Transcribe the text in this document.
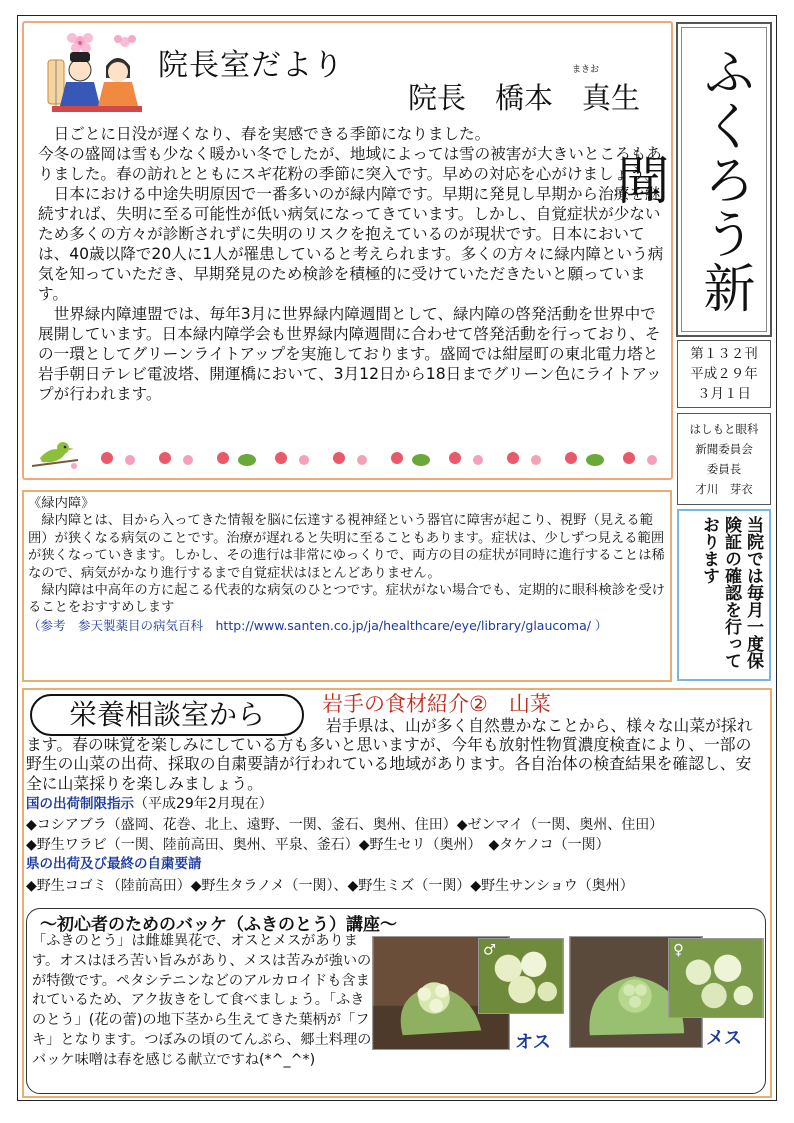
院長室だより	まきお
院長　 橋本　真生

日ごとに日没が遅くなり、春を実感できる季節になりました。

今冬の盛岡は雪も少なく暖かい冬でしたが、地域によっては雪の被害が大きいところもありました。春の訪れとともにスギ花粉の季節に突入です。早めの対応を心がけましょう。

日本における中途失明原因で一番多いのが緑内障です。早期に発見し早期から治療を継続すれば、失明に至る可能性が低い病気になってきています。しかし、自覚症状が少ないため多くの方々が診断されずに失明のリスクを抱えているのが現状です。日本においては、40歳以降で20人に1人が罹患していると考えられます。多くの方々に緑内障という病気を知っていただき、早期発見のため検診を積極的に受けていただきたいと願っています。

世界緑内障連盟では、毎年3月に世界緑内障週間として、緑内障の啓発活動を世界中で展開しています。日本緑内障学会も世界緑内障週間に合わせて啓発活動を行っており、その一環としてグリーンライトアップを実施しております。盛岡では紺屋町の東北電力塔と岩手朝日テレビ電波塔、開運橋において、3月12日から18日までグリーン色にライトアップが行われます。

ふくろう新聞
第１３２刊
平成２９年
３月１日
はしもと眼科
新聞委員会
委員長
才川　芽衣
当院では毎月一度保険証の確認を行っております

《緑内障》

緑内障とは、目から入ってきた情報を脳に伝達する視神経という器官に障害が起こり、視野（見える範囲）が狭くなる病気のことです。治療が遅れると失明に至ることもあります。症状は、少しずつ見える範囲が狭くなっていきます。しかし、その進行は非常にゆっくりで、両方の目の症状が同時に進行することは稀なので、病気がかなり進行するまで自覚症状はほとんどありません。

緑内障は中高年の方に起こる代表的な病気のひとつです。症状がない場合でも、定期的に眼科検診を受けることをおすすめします

（参考　参天製薬目の病気百科　http://www.santen.co.jp/ja/healthcare/eye/library/glaucoma/ ）

栄養相談室から	岩手の食材紹介②　山菜

岩手県は、山が多く自然豊かなことから、様々な山菜が採れます。春の味覚を楽しみにしている方も多いと思いますが、今年も放射性物質濃度検査により、一部の野生の山菜の出荷、採取の自粛要請が行われている地域があります。各自治体の検査結果を確認し、安全に山菜採りを楽しみましょう。

国の出荷制限指示（平成29年2月現在）
◆コシアブラ（盛岡、花巻、北上、遠野、一関、釜石、奥州、住田）◆ゼンマイ（一関、奥州、住田）
◆野生ワラビ（一関、陸前高田、奥州、平泉、釜石）◆野生セリ（奥州）　◆タケノコ（一関）
県の出荷及び最終の自粛要請
◆野生コゴミ（陸前高田）◆野生タラノメ（一関）、◆野生ミズ（一関）◆野生サンショウ（奥州）
～初心者のためのバッケ（ふきのとう）講座～

「ふきのとう」は雌雄異花で、オスとメスがあります。オスはほろ苦い旨みがあり、メスは苦みが強いのが特徴です。ペタシテニンなどのアルカロイドも含まれているため、アク抜きをして食べましょう。「ふきのとう」(花の蕾)の地下茎から生えてきた葉柄が「フキ」となります。つぼみの頃のてんぷら、郷土料理のバッケ味噌は春を感じる献立ですね(*^_^*)

♂
オス
♀
メス
